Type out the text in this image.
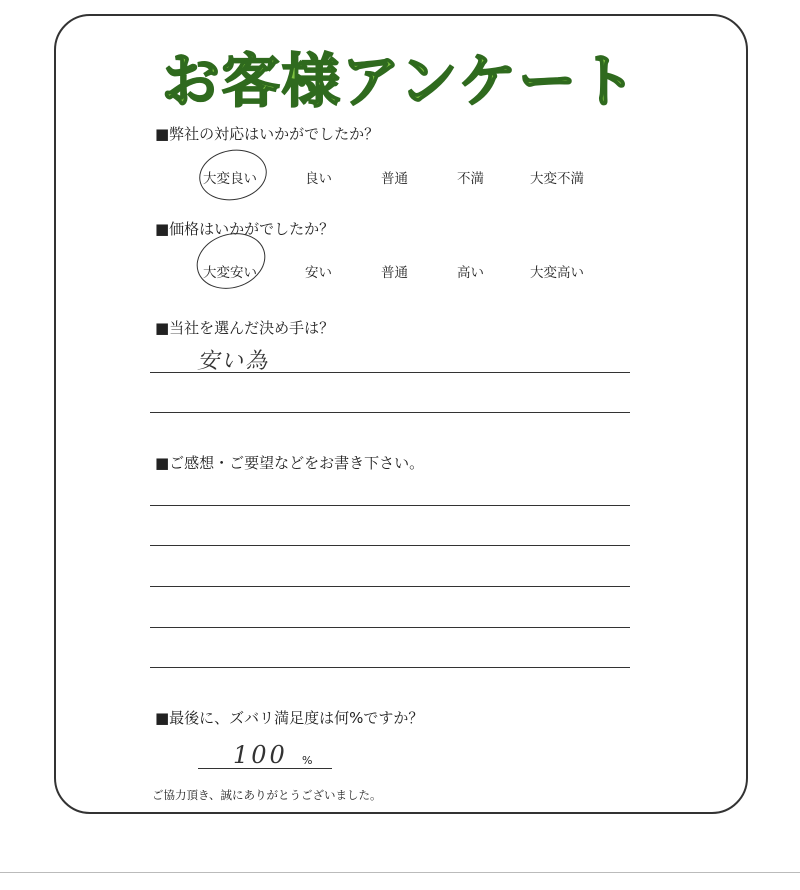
お客様アンケート
■弊社の対応はいかがでしたか？
大変良い	良い	普通	不満	大変不満
■価格はいかがでしたか？
大変安い	安い	普通	高い	大変高い
■当社を選んだ決め手は？
安い為
■ご感想・ご要望などをお書き下さい。
■最後に、ズバリ満足度は何%ですか？
100 %
ご協力頂き、誠にありがとうございました。
